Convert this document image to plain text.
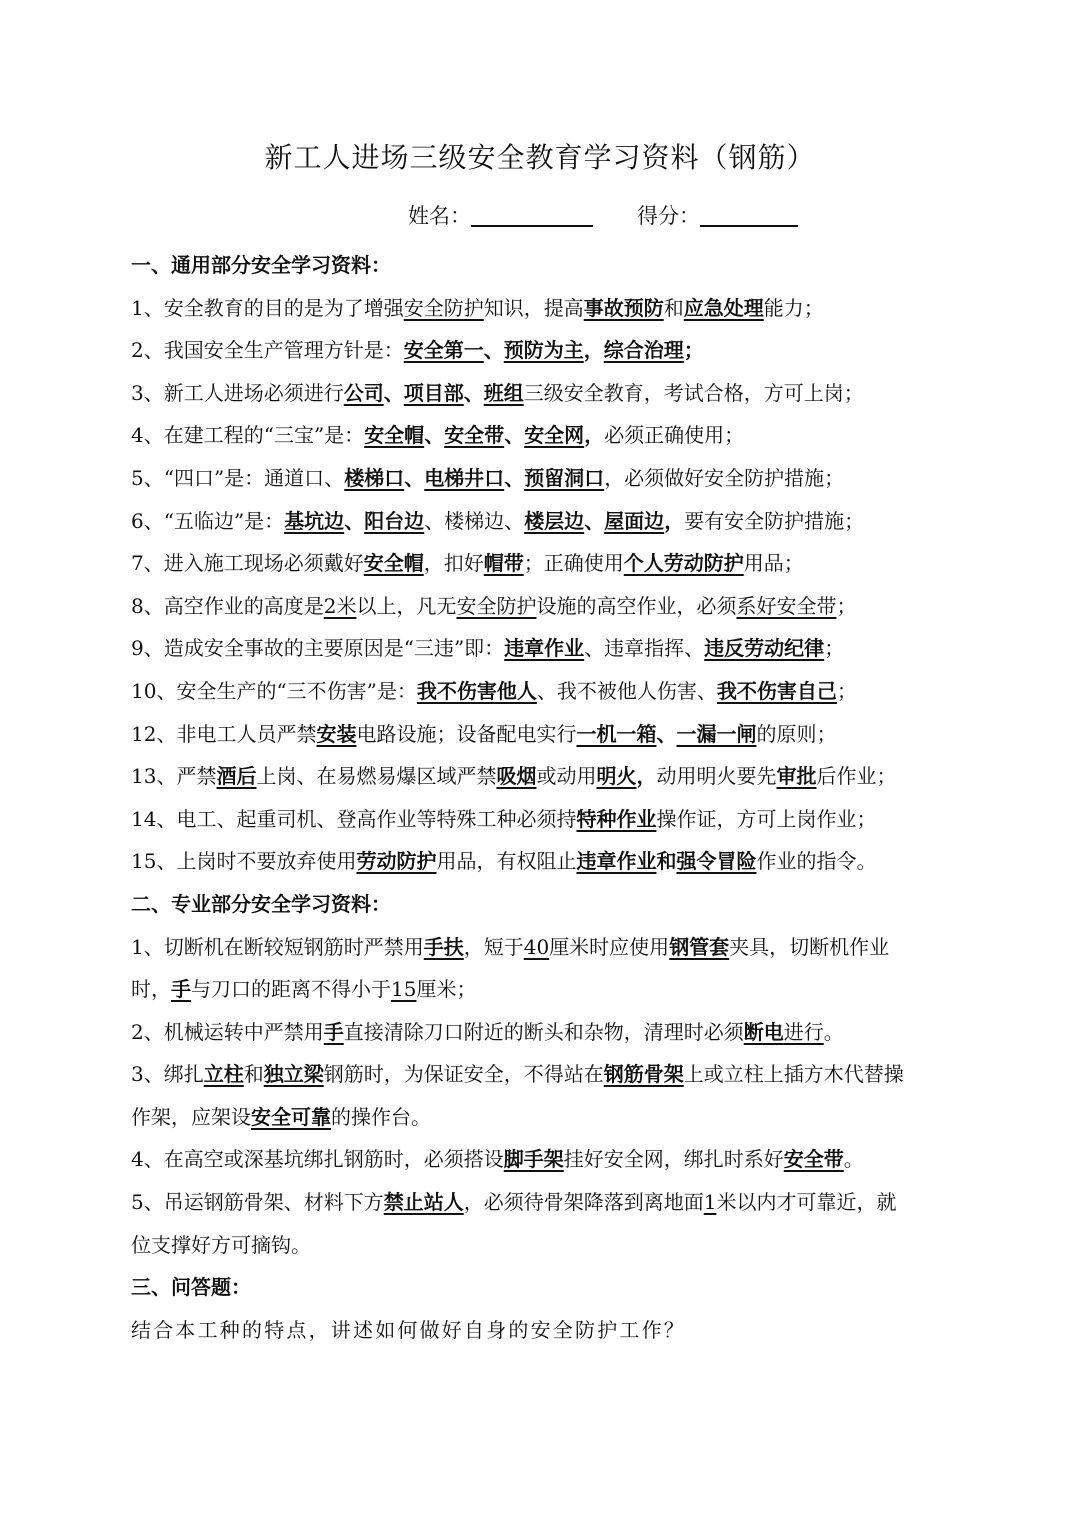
新工人进场三级安全教育学习资料（钢筋）
姓名：	得分：
一、通用部分安全学习资料：
1、安全教育的目的是为了增强安全防护知识，提高事故预防和应急处理能力；
2、我国安全生产管理方针是：安全第一、预防为主，综合治理；
3、新工人进场必须进行公司、项目部、班组三级安全教育，考试合格，方可上岗；
4、在建工程的“三宝”是：安全帽、安全带、安全网，必须正确使用；
5、“四口”是：通道口、楼梯口、电梯井口、预留洞口，必须做好安全防护措施；
6、“五临边”是：基坑边、阳台边、楼梯边、楼层边、屋面边，要有安全防护措施；
7、进入施工现场必须戴好安全帽，扣好帽带；正确使用个人劳动防护用品；
8、高空作业的高度是2米以上，凡无安全防护设施的高空作业，必须系好安全带；
9、造成安全事故的主要原因是“三违”即：违章作业、违章指挥、违反劳动纪律；
10、安全生产的“三不伤害”是：我不伤害他人、我不被他人伤害、我不伤害自己；
12、非电工人员严禁安装电路设施；设备配电实行一机一箱、一漏一闸的原则；
13、严禁酒后上岗、在易燃易爆区域严禁吸烟或动用明火，动用明火要先审批后作业；
14、电工、起重司机、登高作业等特殊工种必须持特种作业操作证，方可上岗作业；
15、上岗时不要放弃使用劳动防护用品，有权阻止违章作业和强令冒险作业的指令。
二、专业部分安全学习资料：
1、切断机在断较短钢筋时严禁用手扶，短于40厘米时应使用钢管套夹具，切断机作业
时，手与刀口的距离不得小于15厘米；
2、机械运转中严禁用手直接清除刀口附近的断头和杂物，清理时必须断电进行。
3、绑扎立柱和独立梁钢筋时，为保证安全，不得站在钢筋骨架上或立柱上插方木代替操
作架，应架设安全可靠的操作台。
4、在高空或深基坑绑扎钢筋时，必须搭设脚手架挂好安全网，绑扎时系好安全带。
5、吊运钢筋骨架、材料下方禁止站人，必须待骨架降落到离地面1米以内才可靠近，就
位支撑好方可摘钩。
三、问答题：
结合本工种的特点，讲述如何做好自身的安全防护工作？
